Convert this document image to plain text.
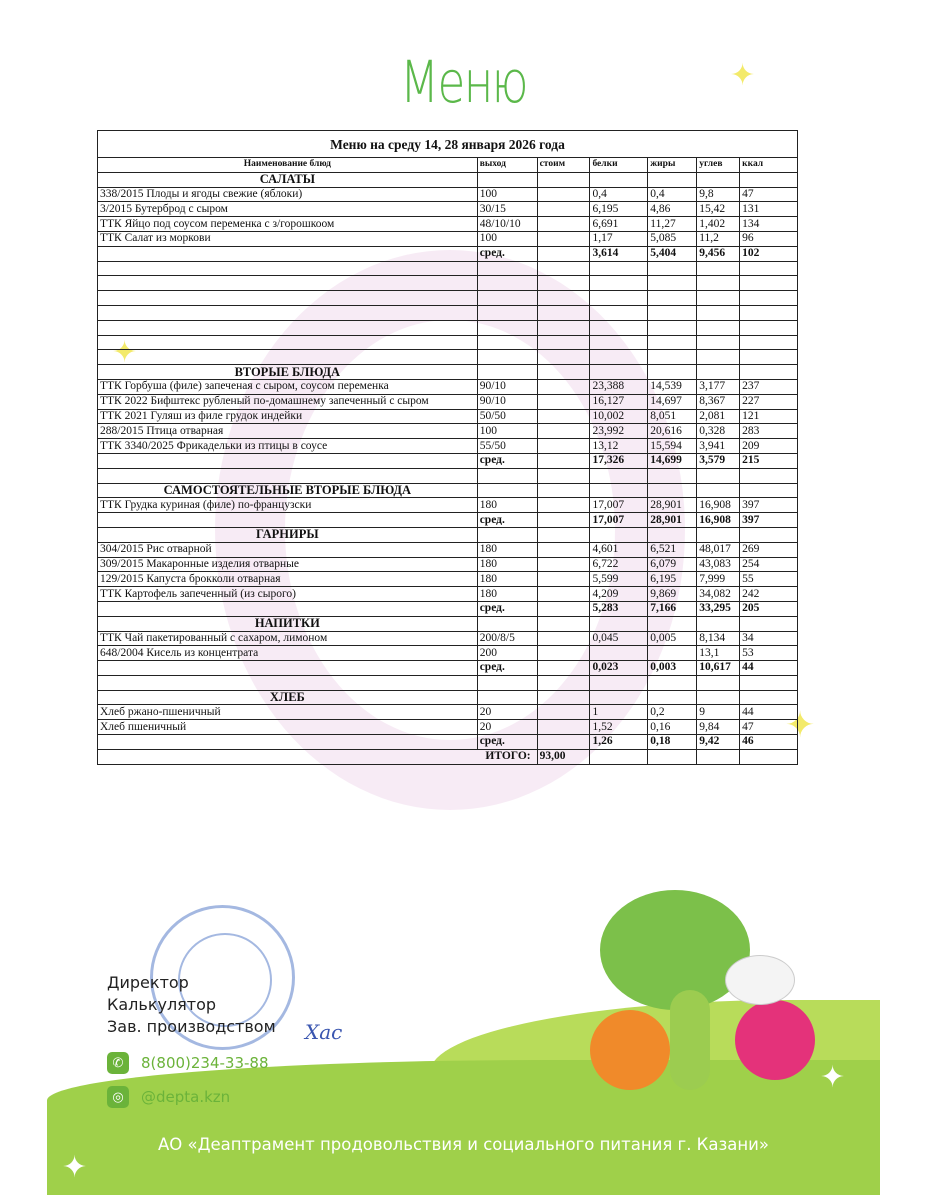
✦
✦
✦
Меню
Меню на среду 14, 28 января 2026 года						
Наименование блюд	выход	стоим	белки	жиры	углев	ккал
САЛАТЫ						
338/2015 Плоды и ягоды свежие (яблоки)	100		0,4	0,4	9,8	47
3/2015 Бутерброд с сыром	30/15		6,195	4,86	15,42	131
ТТК Яйцо под соусом переменка с з/горошкоом	48/10/10		6,691	11,27	1,402	134
ТТК Салат из моркови	100		1,17	5,085	11,2	96
	сред.		3,614	5,404	9,456	102

ВТОРЫЕ БЛЮДА						
ТТК Горбуша (филе) запеченая с сыром, соусом переменка	90/10		23,388	14,539	3,177	237
ТТК 2022 Бифштекс рубленый по-домашнему запеченный с сыром	90/10		16,127	14,697	8,367	227
ТТК 2021 Гуляш из филе грудок индейки	50/50		10,002	8,051	2,081	121
288/2015 Птица отварная	100		23,992	20,616	0,328	283
ТТК 3340/2025 Фрикадельки из птицы в соусе	55/50		13,12	15,594	3,941	209
	сред.		17,326	14,699	3,579	215

САМОСТОЯТЕЛЬНЫЕ ВТОРЫЕ БЛЮДА						
ТТК Грудка куриная (филе) по-французски	180		17,007	28,901	16,908	397
	сред.		17,007	28,901	16,908	397
ГАРНИРЫ						
304/2015 Рис отварной	180		4,601	6,521	48,017	269
309/2015 Макаронные изделия отварные	180		6,722	6,079	43,083	254
129/2015 Капуста брокколи отварная	180		5,599	6,195	7,999	55
ТТК Картофель запеченный (из сырого)	180		4,209	9,869	34,082	242
	сред.		5,283	7,166	33,295	205
НАПИТКИ						
ТТК Чай пакетированный с сахаром, лимоном	200/8/5		0,045	0,005	8,134	34
648/2004 Кисель из концентрата	200				13,1	53
	сред.		0,023	0,003	10,617	44

ХЛЕБ						
Хлеб ржано-пшеничный	20		1	0,2	9	44
Хлеб пшеничный	20		1,52	0,16	9,84	47
	сред.		1,26	0,18	9,42	46
ИТОГО:		93,00				
Директор
Калькулятор
Зав. производством Хас
✆	8(800)234-33-88
◎	@depta.kzn
АО «Деаптрамент продовольствия и социального питания г. Казани»
✦
✦
